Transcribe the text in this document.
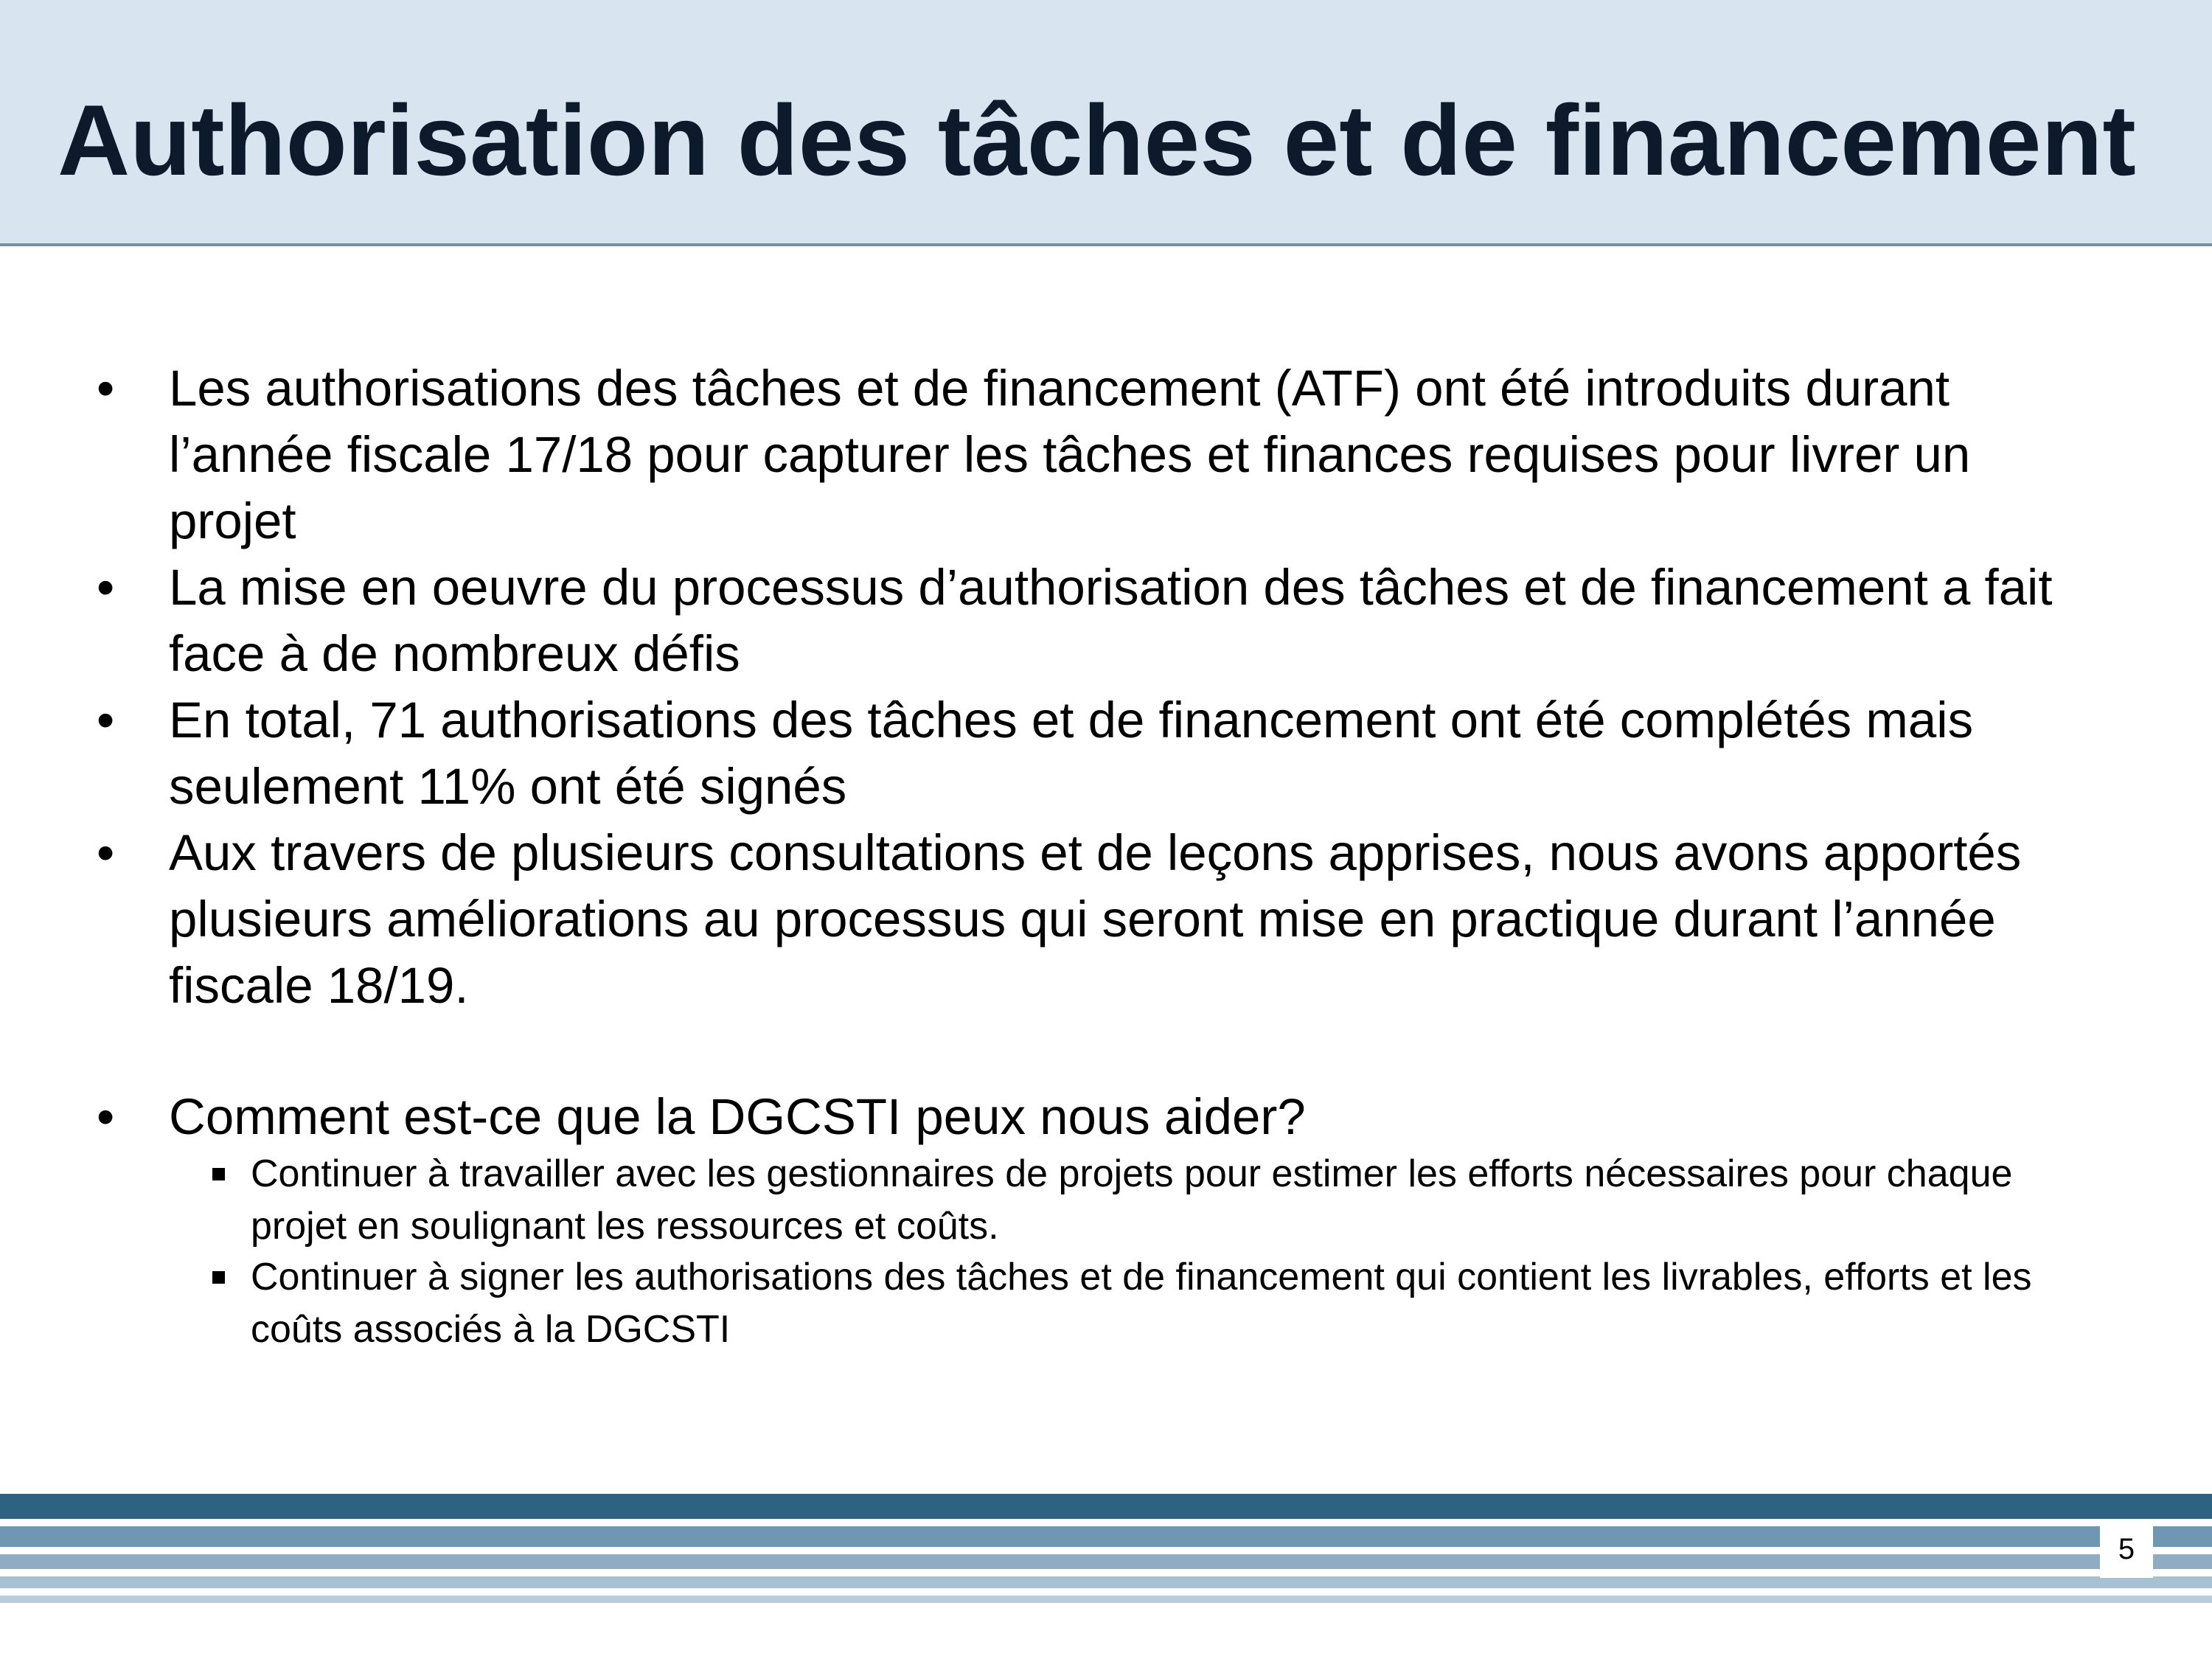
Authorisation des tâches et de financement
• Les authorisations des tâches et de financement (ATF) ont été introduits durant l’année fiscale 17/18 pour capturer les tâches et finances requises pour livrer un projet
• La mise en oeuvre du processus d’authorisation des tâches et de financement a fait face à de nombreux défis
• En total, 71 authorisations des tâches et de financement ont été complétés mais seulement 11% ont été signés
• Aux travers de plusieurs consultations et de leçons apprises, nous avons apportés plusieurs améliorations au processus qui seront mise en practique durant l’année fiscale 18/19.
• Comment est-ce que la DGCSTI peux nous aider?
Continuer à travailler avec les gestionnaires de projets pour estimer les efforts nécessaires pour chaque projet en soulignant les ressources et coûts.
Continuer à signer les authorisations des tâches et de financement qui contient les livrables, efforts et les coûts associés à la DGCSTI
5
